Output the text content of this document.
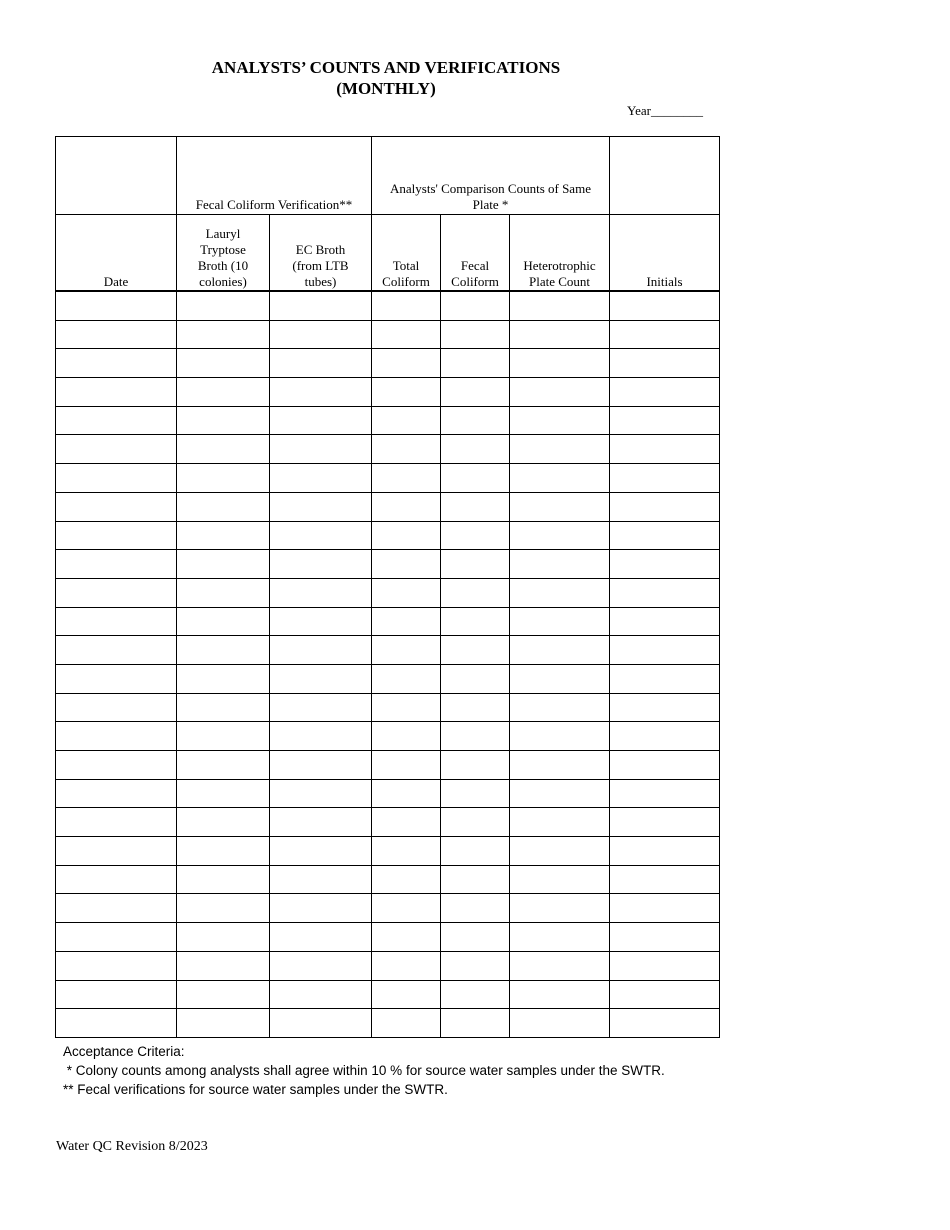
ANALYSTS’ COUNTS AND VERIFICATIONS
(MONTHLY)
Year________
	Fecal Coliform Verification**		Analysts' Comparison Counts of Same Plate *			
Date	Lauryl Tryptose Broth (10 colonies)	EC Broth (from LTB tubes)	Total Coliform	Fecal Coliform	Heterotrophic Plate Count	Initials

Acceptance Criteria:
* Colony counts among analysts shall agree within 10 % for source water samples under the SWTR.
** Fecal verifications for source water samples under the SWTR.
Water QC Revision 8/2023
